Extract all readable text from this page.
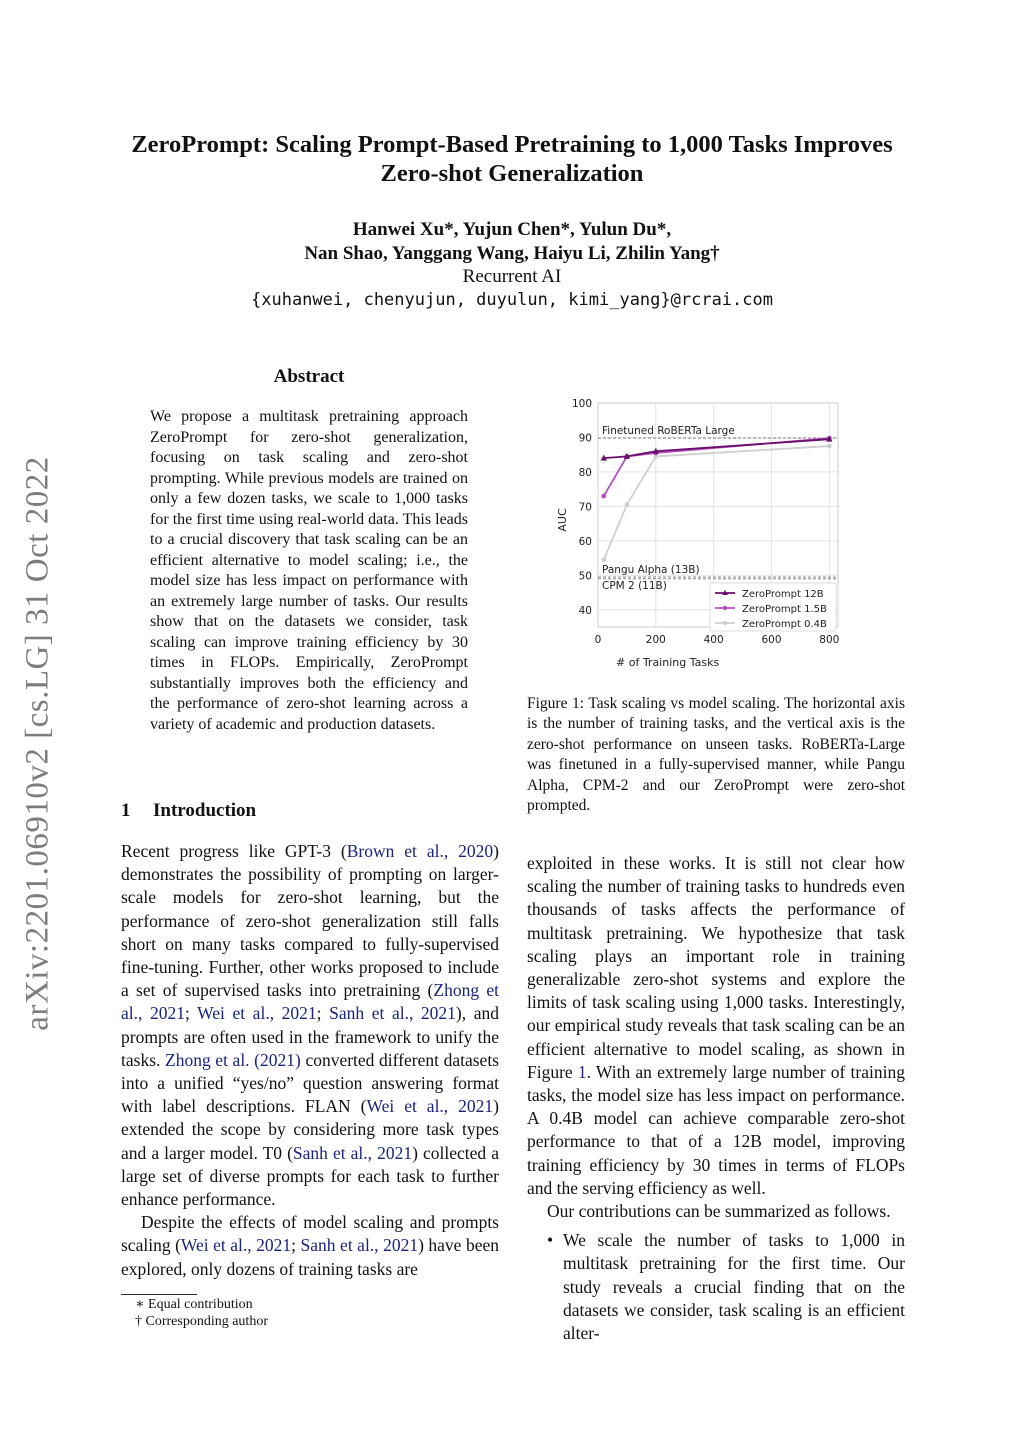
arXiv:2201.06910v2 [cs.LG] 31 Oct 2022
ZeroPrompt: Scaling Prompt-Based Pretraining to 1,000 Tasks Improves
Zero-shot Generalization
Hanwei Xu*, Yujun Chen*, Yulun Du*,
Nan Shao, Yanggang Wang, Haiyu Li, Zhilin Yang†
Recurrent AI
{xuhanwei, chenyujun, duyulun, kimi_yang}@rcrai.com
Abstract
We propose a multitask pretraining approach ZeroPrompt for zero-shot generalization, focusing on task scaling and zero-shot prompting. While previous models are trained on only a few dozen tasks, we scale to 1,000 tasks for the first time using real-world data. This leads to a crucial discovery that task scaling can be an efficient alternative to model scaling; i.e., the model size has less impact on performance with an extremely large number of tasks. Our results show that on the datasets we consider, task scaling can improve training efficiency by 30 times in FLOPs. Empirically, ZeroPrompt substantially improves both the efficiency and the performance of zero-shot learning across a variety of academic and production datasets.
1 Introduction

Recent progress like GPT-3 (Brown et al., 2020) demonstrates the possibility of prompting on larger-scale models for zero-shot learning, but the performance of zero-shot generalization still falls short on many tasks compared to fully-supervised fine-tuning. Further, other works proposed to include a set of supervised tasks into pretraining (Zhong et al., 2021; Wei et al., 2021; Sanh et al., 2021), and prompts are often used in the framework to unify the tasks. Zhong et al. (2021) converted different datasets into a unified “yes/no” question answering format with label descriptions. FLAN (Wei et al., 2021) extended the scope by considering more task types and a larger model. T0 (Sanh et al., 2021) collected a large set of diverse prompts for each task to further enhance performance.

Despite the effects of model scaling and prompts scaling (Wei et al., 2021; Sanh et al., 2021) have been explored, only dozens of training tasks are

∗ Equal contribution
† Corresponding author
40
50
60
70
80
90
100
0	200	400	600	800
# of Training Tasks
AUC
Finetuned RoBERTa Large
Pangu Alpha (13B)
CPM 2 (11B)
ZeroPrompt 12B
ZeroPrompt 1.5B
ZeroPrompt 0.4B
Figure 1: Task scaling vs model scaling. The horizontal axis is the number of training tasks, and the vertical axis is the zero-shot performance on unseen tasks. RoBERTa-Large was finetuned in a fully-supervised manner, while Pangu Alpha, CPM-2 and our ZeroPrompt were zero-shot prompted.

exploited in these works. It is still not clear how scaling the number of training tasks to hundreds even thousands of tasks affects the performance of multitask pretraining. We hypothesize that task scaling plays an important role in training generalizable zero-shot systems and explore the limits of task scaling using 1,000 tasks. Interestingly, our empirical study reveals that task scaling can be an efficient alternative to model scaling, as shown in Figure 1. With an extremely large number of training tasks, the model size has less impact on performance. A 0.4B model can achieve comparable zero-shot performance to that of a 12B model, improving training efficiency by 30 times in terms of FLOPs and the serving efficiency as well.

Our contributions can be summarized as follows.

• We scale the number of tasks to 1,000 in multitask pretraining for the first time. Our study reveals a crucial finding that on the datasets we consider, task scaling is an efficient alter-
